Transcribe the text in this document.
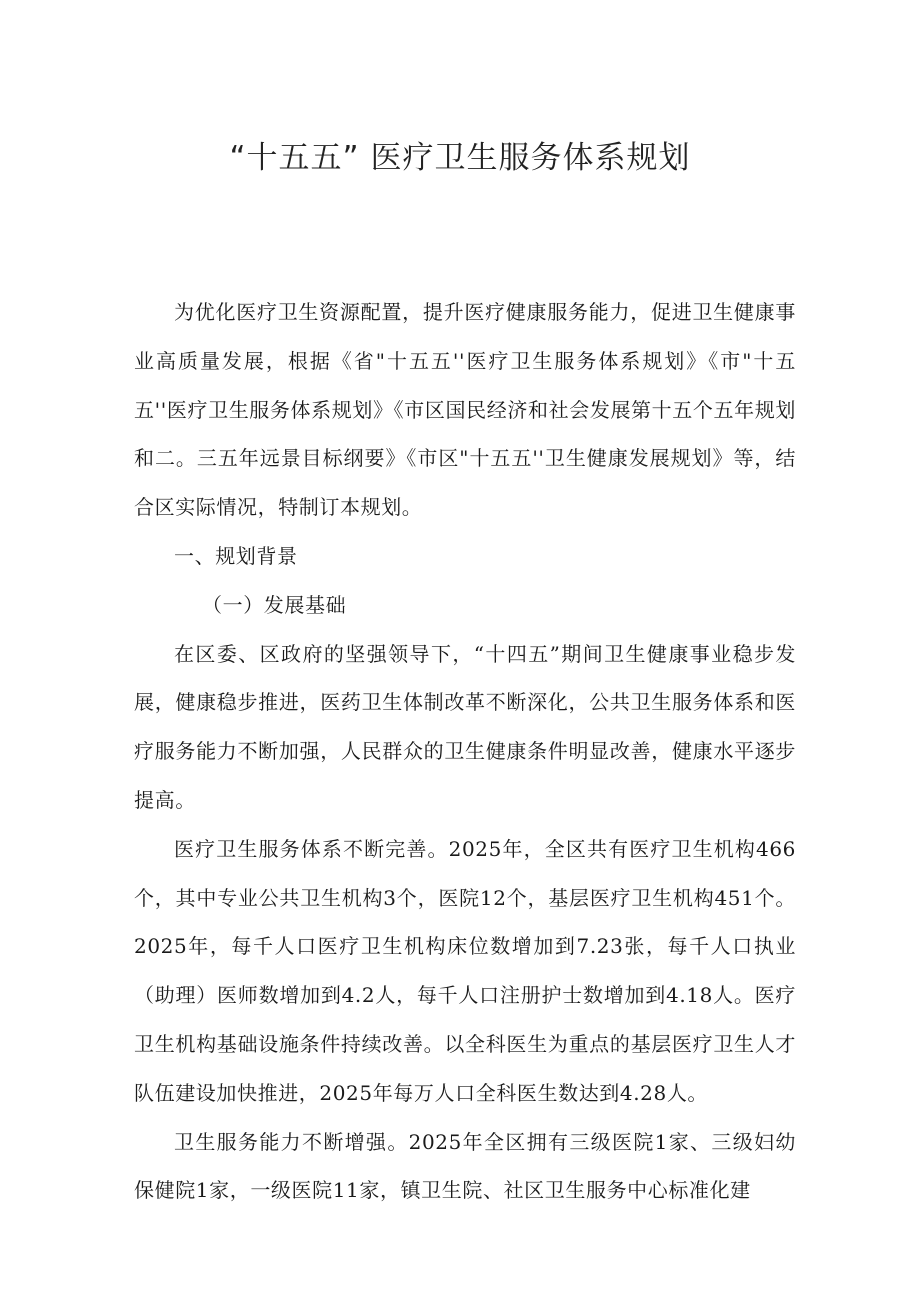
“十五五” 医疗卫生服务体系规划

为优化医疗卫生资源配置，提升医疗健康服务能力，促进卫生健康事业高质量发展，根据《省"十五五''医疗卫生服务体系规划》《市"十五五''医疗卫生服务体系规划》《市区国民经济和社会发展第十五个五年规划和二。三五年远景目标纲要》《市区"十五五''卫生健康发展规划》等，结合区实际情况，特制订本规划。

一、规划背景

（一）发展基础

在区委、区政府的坚强领导下，“十四五”期间卫生健康事业稳步发展，健康稳步推进，医药卫生体制改革不断深化，公共卫生服务体系和医疗服务能力不断加强，人民群众的卫生健康条件明显改善，健康水平逐步提高。

医疗卫生服务体系不断完善。2025年，全区共有医疗卫生机构466个，其中专业公共卫生机构3个，医院12个，基层医疗卫生机构451个。2025年，每千人口医疗卫生机构床位数增加到7.23张，每千人口执业（助理）医师数增加到4.2人，每千人口注册护士数增加到4.18人。医疗卫生机构基础设施条件持续改善。以全科医生为重点的基层医疗卫生人才队伍建设加快推进，2025年每万人口全科医生数达到4.28人。

卫生服务能力不断增强。2025年全区拥有三级医院1家、三级妇幼保健院1家，一级医院11家，镇卫生院、社区卫生服务中心标准化建
